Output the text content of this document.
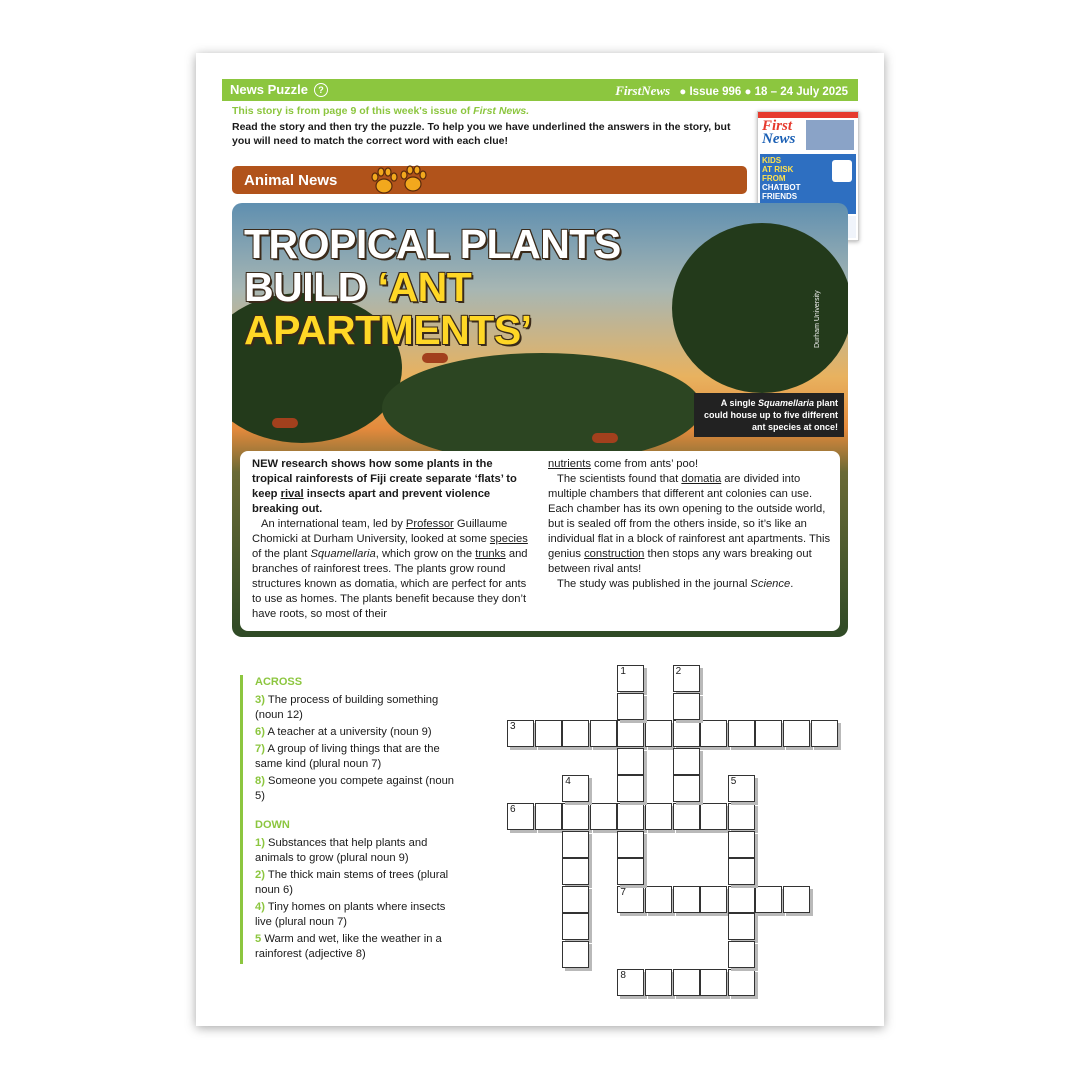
News Puzzle ?	FirstNews ● Issue 996 ● 18 – 24 July 2025
This story is from page 9 of this week's issue of First News.
Read the story and then try the puzzle. To help you we have underlined the answers in the story, but you will need to match the correct word with each clue!
First
News
KIDS
AT RISK
FROM
CHATBOT
FRIENDS
Animal News
TROPICAL PLANTS
BUILD ‘ANT
APARTMENTS’	Durham University
A single Squamellaria plant could house up to five different ant species at once!

NEW research shows how some plants in the tropical rainforests of Fiji create separate ‘flats’ to keep rival insects apart and prevent violence breaking out.

An international team, led by Professor Guillaume Chomicki at Durham University, looked at some species of the plant Squamellaria, which grow on the trunks and branches of rainforest trees. The plants grow round structures known as domatia, which are perfect for ants to use as homes. The plants benefit because they don’t have roots, so most of their

nutrients come from ants’ poo!

The scientists found that domatia are divided into multiple chambers that different ant colonies can use. Each chamber has its own opening to the outside world, but is sealed off from the others inside, so it’s like an individual flat in a block of rainforest ant apartments. This genius construction then stops any wars breaking out between rival ants!

The study was published in the journal Science.

ACROSS
3) The process of building something (noun 12)
6) A teacher at a university (noun 9)
7) A group of living things that are the same kind (plural noun 7)
8) Someone you compete against (noun 5)
DOWN
1) Substances that help plants and animals to grow (plural noun 9)
2) The thick main stems of trees (plural noun 6)
4) Tiny homes on plants where insects live (plural noun 7)
5 Warm and wet, like the weather in a rainforest (adjective 8)
3
6
7
8
1	2
4	5
